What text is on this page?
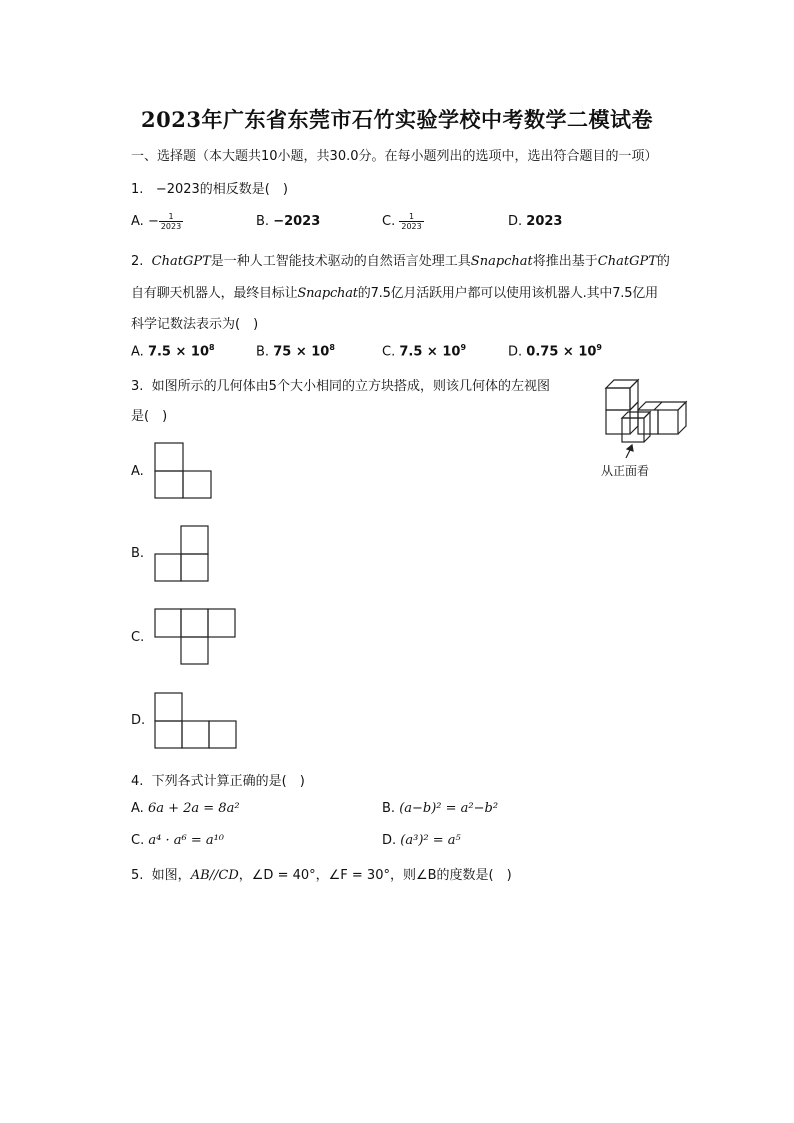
2023年广东省东莞市石竹实验学校中考数学二模试卷
一、选择题（本大题共10小题，共30.0分。在每小题列出的选项中，选出符合题目的一项）
1. −2023的相反数是(　)
A. − $\frac{1}{2023}$	B. −2023	C. $\frac{1}{2023}$	D. 2023
2. ChatGPT是一种人工智能技术驱动的自然语言处理工具Snapchat将推出基于ChatGPT的
自有聊天机器人，最终目标让Snapchat的7.5亿月活跃用户都可以使用该机器人.其中7.5亿用
科学记数法表示为(　)
A. $7.5 \times 10^8$	B. $75 \times 10^8$	C. $7.5 \times 10^9$	D. $0.75 \times 10^9$
3. 如图所示的几何体由5个大小相同的立方块搭成，则该几何体的左视图
是(　)
从正面看
A.
B.
C.
D.
4. 下列各式计算正确的是(　)
A. 6a + 2a = 8a²	B. (a−b)² = a²−b²
C. a⁴ · a⁶ = a¹⁰	D. (a³)² = a⁵
5. 如图，AB//CD，∠D = 40°，∠F = 30°，则∠B的度数是(　)
